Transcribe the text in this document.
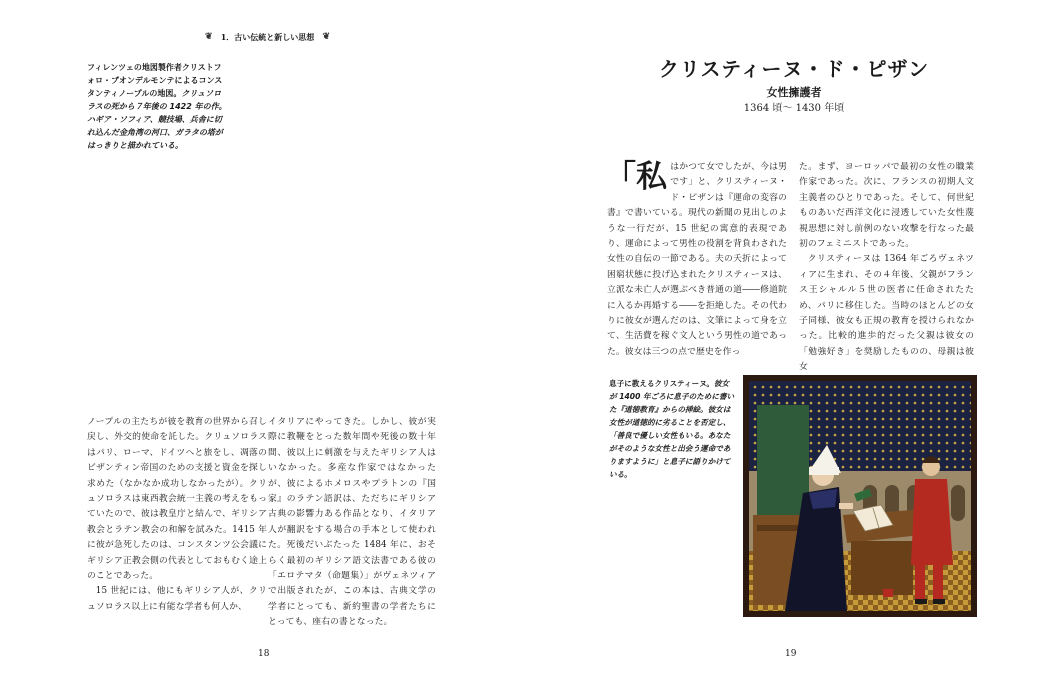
❦ 1．古い伝統と新しい思想 ❦
フィレンツェの地図製作者クリストフォロ・ブオンデルモンテによるコンスタンティノープルの地図。クリュソロラスの死から７年後の 1422 年の作。ハギア・ソフィア、競技場、兵舎に切れ込んだ金角湾の河口、ガラタの塔がはっきりと描かれている。
ノープルの主たちが彼を教育の世界から召し戻し、外交的使命を託した。クリュソロラスはパリ、ローマ、ドイツへと旅をし、凋落のビザンティン帝国のための支援と資金を探し求めた（なかなか成功しなかったが）。クリュソロラスは東西教会統一主義の考えをもっていたので、彼は教皇庁と結んで、ギリシア教会とラテン教会の和解を試みた。1415 年に彼が急死したのは、コンスタンツ公会議にギリシア正教会側の代表としておもむく途上のことであった。
15 世紀には、他にもギリシア人が、クリュソロラス以上に有能な学者も何人か、
イタリアにやってきた。しかし、彼が実際に教鞭をとった数年間や死後の数十年間、彼以上に刺激を与えたギリシア人はいなかった。多産な作家ではなかったが、彼によるホメロスやプラトンの『国家』のラテン語訳は、ただちにギリシア古典の影響力ある作品となり、イタリア人が翻訳をする場合の手本として使われた。死後だいぶたった 1484 年に、おそらく最初のギリシア語文法書である彼の「エロテマタ（命題集）」がヴェネツィアで出版されたが、この本は、古典文学の学者にとっても、新約聖書の学者たちにとっても、座右の書となった。
18
クリスティーヌ・ド・ピザン
女性擁護者
1364 頃～ 1430 年頃
「私 はかつて女でしたが、今は男です」と、クリスティーヌ・ド・ピザンは『運命の変容の書』で書いている。現代の新聞の見出しのような一行だが、15 世紀の寓意的表現であり、運命によって男性の役割を背負わされた女性の自伝の一節である。夫の夭折によって困窮状態に投げ込まれたクリスティーヌは、立派な未亡人が選ぶべき普通の道――修道院に入るか再婚する――を拒絶した。その代わりに彼女が選んだのは、文筆によって身を立て、生活費を稼ぐ文人という男性の道であった。彼女は三つの点で歴史を作っ
た。まず、ヨーロッパで最初の女性の職業作家であった。次に、フランスの初期人文主義者のひとりであった。そして、何世紀ものあいだ西洋文化に浸透していた女性蔑視思想に対し前例のない攻撃を行なった最初のフェミニストであった。
クリスティーヌは 1364 年ごろヴェネツィアに生まれ、その４年後、父親がフランス王シャルル５世の医者に任命されたため、パリに移住した。当時のほとんどの女子同様、彼女も正規の教育を授けられなかった。比較的進歩的だった父親は彼女の「勉強好き」を奨励したものの、母親は彼女
息子に教えるクリスティーヌ。彼女が 1400 年ごろに息子のために書いた『道徳教育』からの挿絵。彼女は女性が道徳的に劣ることを否定し、「善良で優しい女性もいる。あなたがそのような女性と出会う運命でありますように」と息子に語りかけている。
19
